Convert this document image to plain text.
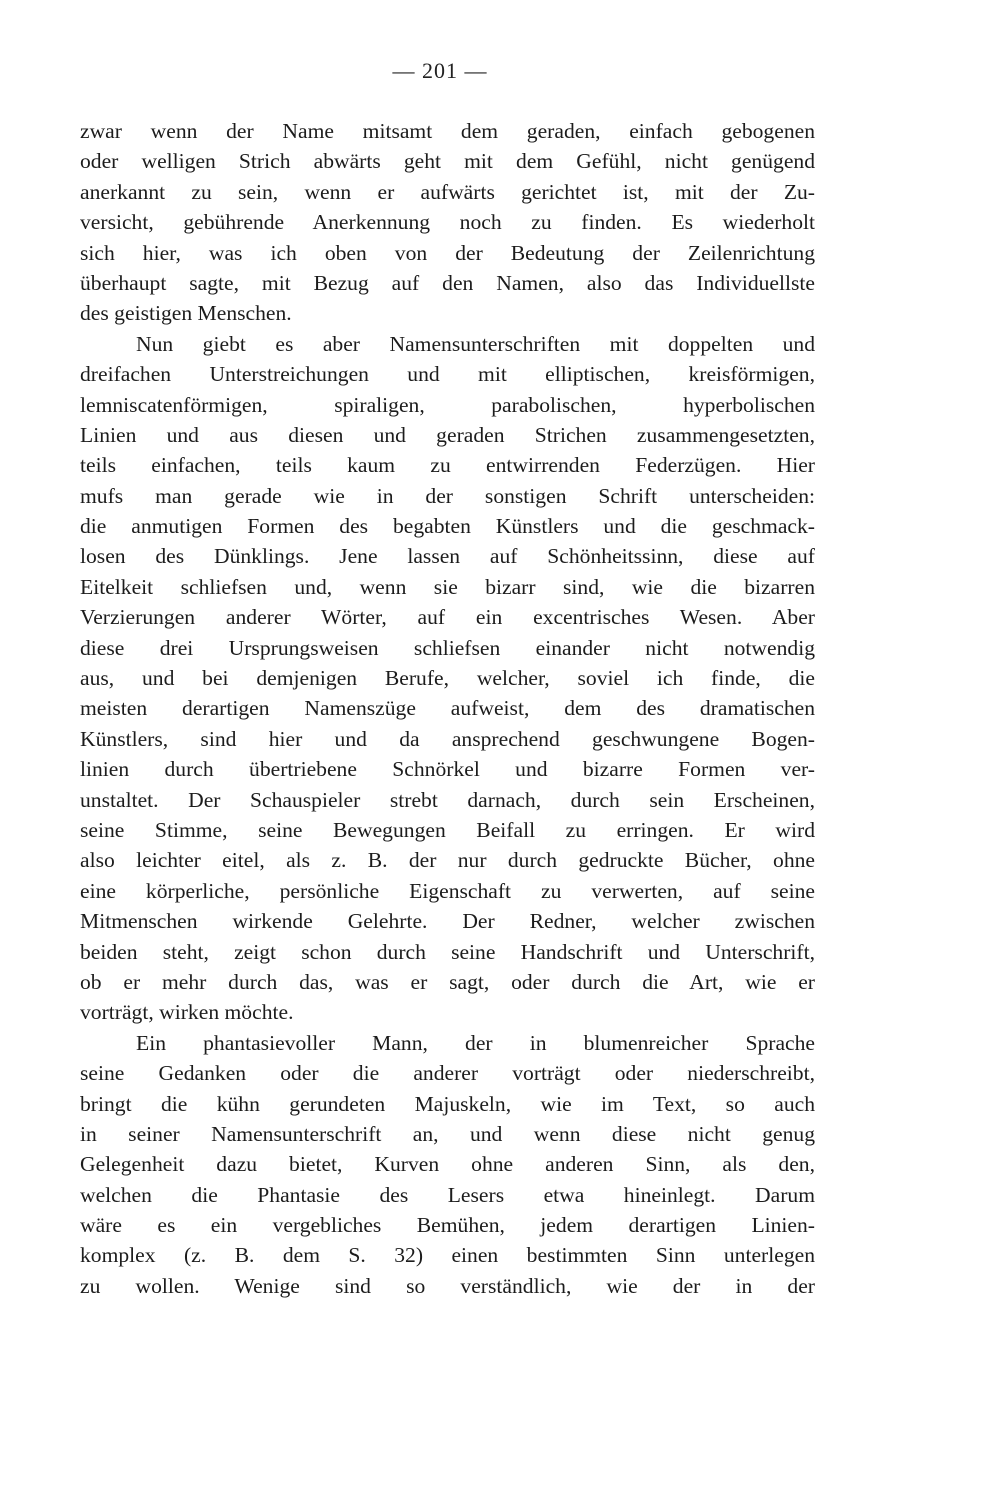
— 201 —
zwar wenn der Name mitsamt dem geraden, einfach gebogenen
oder welligen Strich abwärts geht mit dem Gefühl, nicht genügend
anerkannt zu sein, wenn er aufwärts gerichtet ist, mit der Zu-
versicht, gebührende Anerkennung noch zu finden. Es wiederholt
sich hier, was ich oben von der Bedeutung der Zeilenrichtung
überhaupt sagte, mit Bezug auf den Namen, also das Individuellste
des geistigen Menschen.
Nun giebt es aber Namensunterschriften mit doppelten und
dreifachen Unterstreichungen und mit elliptischen, kreisförmigen,
lemniscatenförmigen, spiraligen, parabolischen, hyperbolischen
Linien und aus diesen und geraden Strichen zusammengesetzten,
teils einfachen, teils kaum zu entwirrenden Federzügen. Hier
mufs man gerade wie in der sonstigen Schrift unterscheiden:
die anmutigen Formen des begabten Künstlers und die geschmack-
losen des Dünklings. Jene lassen auf Schönheitssinn, diese auf
Eitelkeit schliefsen und, wenn sie bizarr sind, wie die bizarren
Verzierungen anderer Wörter, auf ein excentrisches Wesen. Aber
diese drei Ursprungsweisen schliefsen einander nicht notwendig
aus, und bei demjenigen Berufe, welcher, soviel ich finde, die
meisten derartigen Namenszüge aufweist, dem des dramatischen
Künstlers, sind hier und da ansprechend geschwungene Bogen-
linien durch übertriebene Schnörkel und bizarre Formen ver-
unstaltet. Der Schauspieler strebt darnach, durch sein Erscheinen,
seine Stimme, seine Bewegungen Beifall zu erringen. Er wird
also leichter eitel, als z. B. der nur durch gedruckte Bücher, ohne
eine körperliche, persönliche Eigenschaft zu verwerten, auf seine
Mitmenschen wirkende Gelehrte. Der Redner, welcher zwischen
beiden steht, zeigt schon durch seine Handschrift und Unterschrift,
ob er mehr durch das, was er sagt, oder durch die Art, wie er
vorträgt, wirken möchte.
Ein phantasievoller Mann, der in blumenreicher Sprache
seine Gedanken oder die anderer vorträgt oder niederschreibt,
bringt die kühn gerundeten Majuskeln, wie im Text, so auch
in seiner Namensunterschrift an, und wenn diese nicht genug
Gelegenheit dazu bietet, Kurven ohne anderen Sinn, als den,
welchen die Phantasie des Lesers etwa hineinlegt. Darum
wäre es ein vergebliches Bemühen, jedem derartigen Linien-
komplex (z. B. dem S. 32) einen bestimmten Sinn unterlegen
zu wollen. Wenige sind so verständlich, wie der in der
